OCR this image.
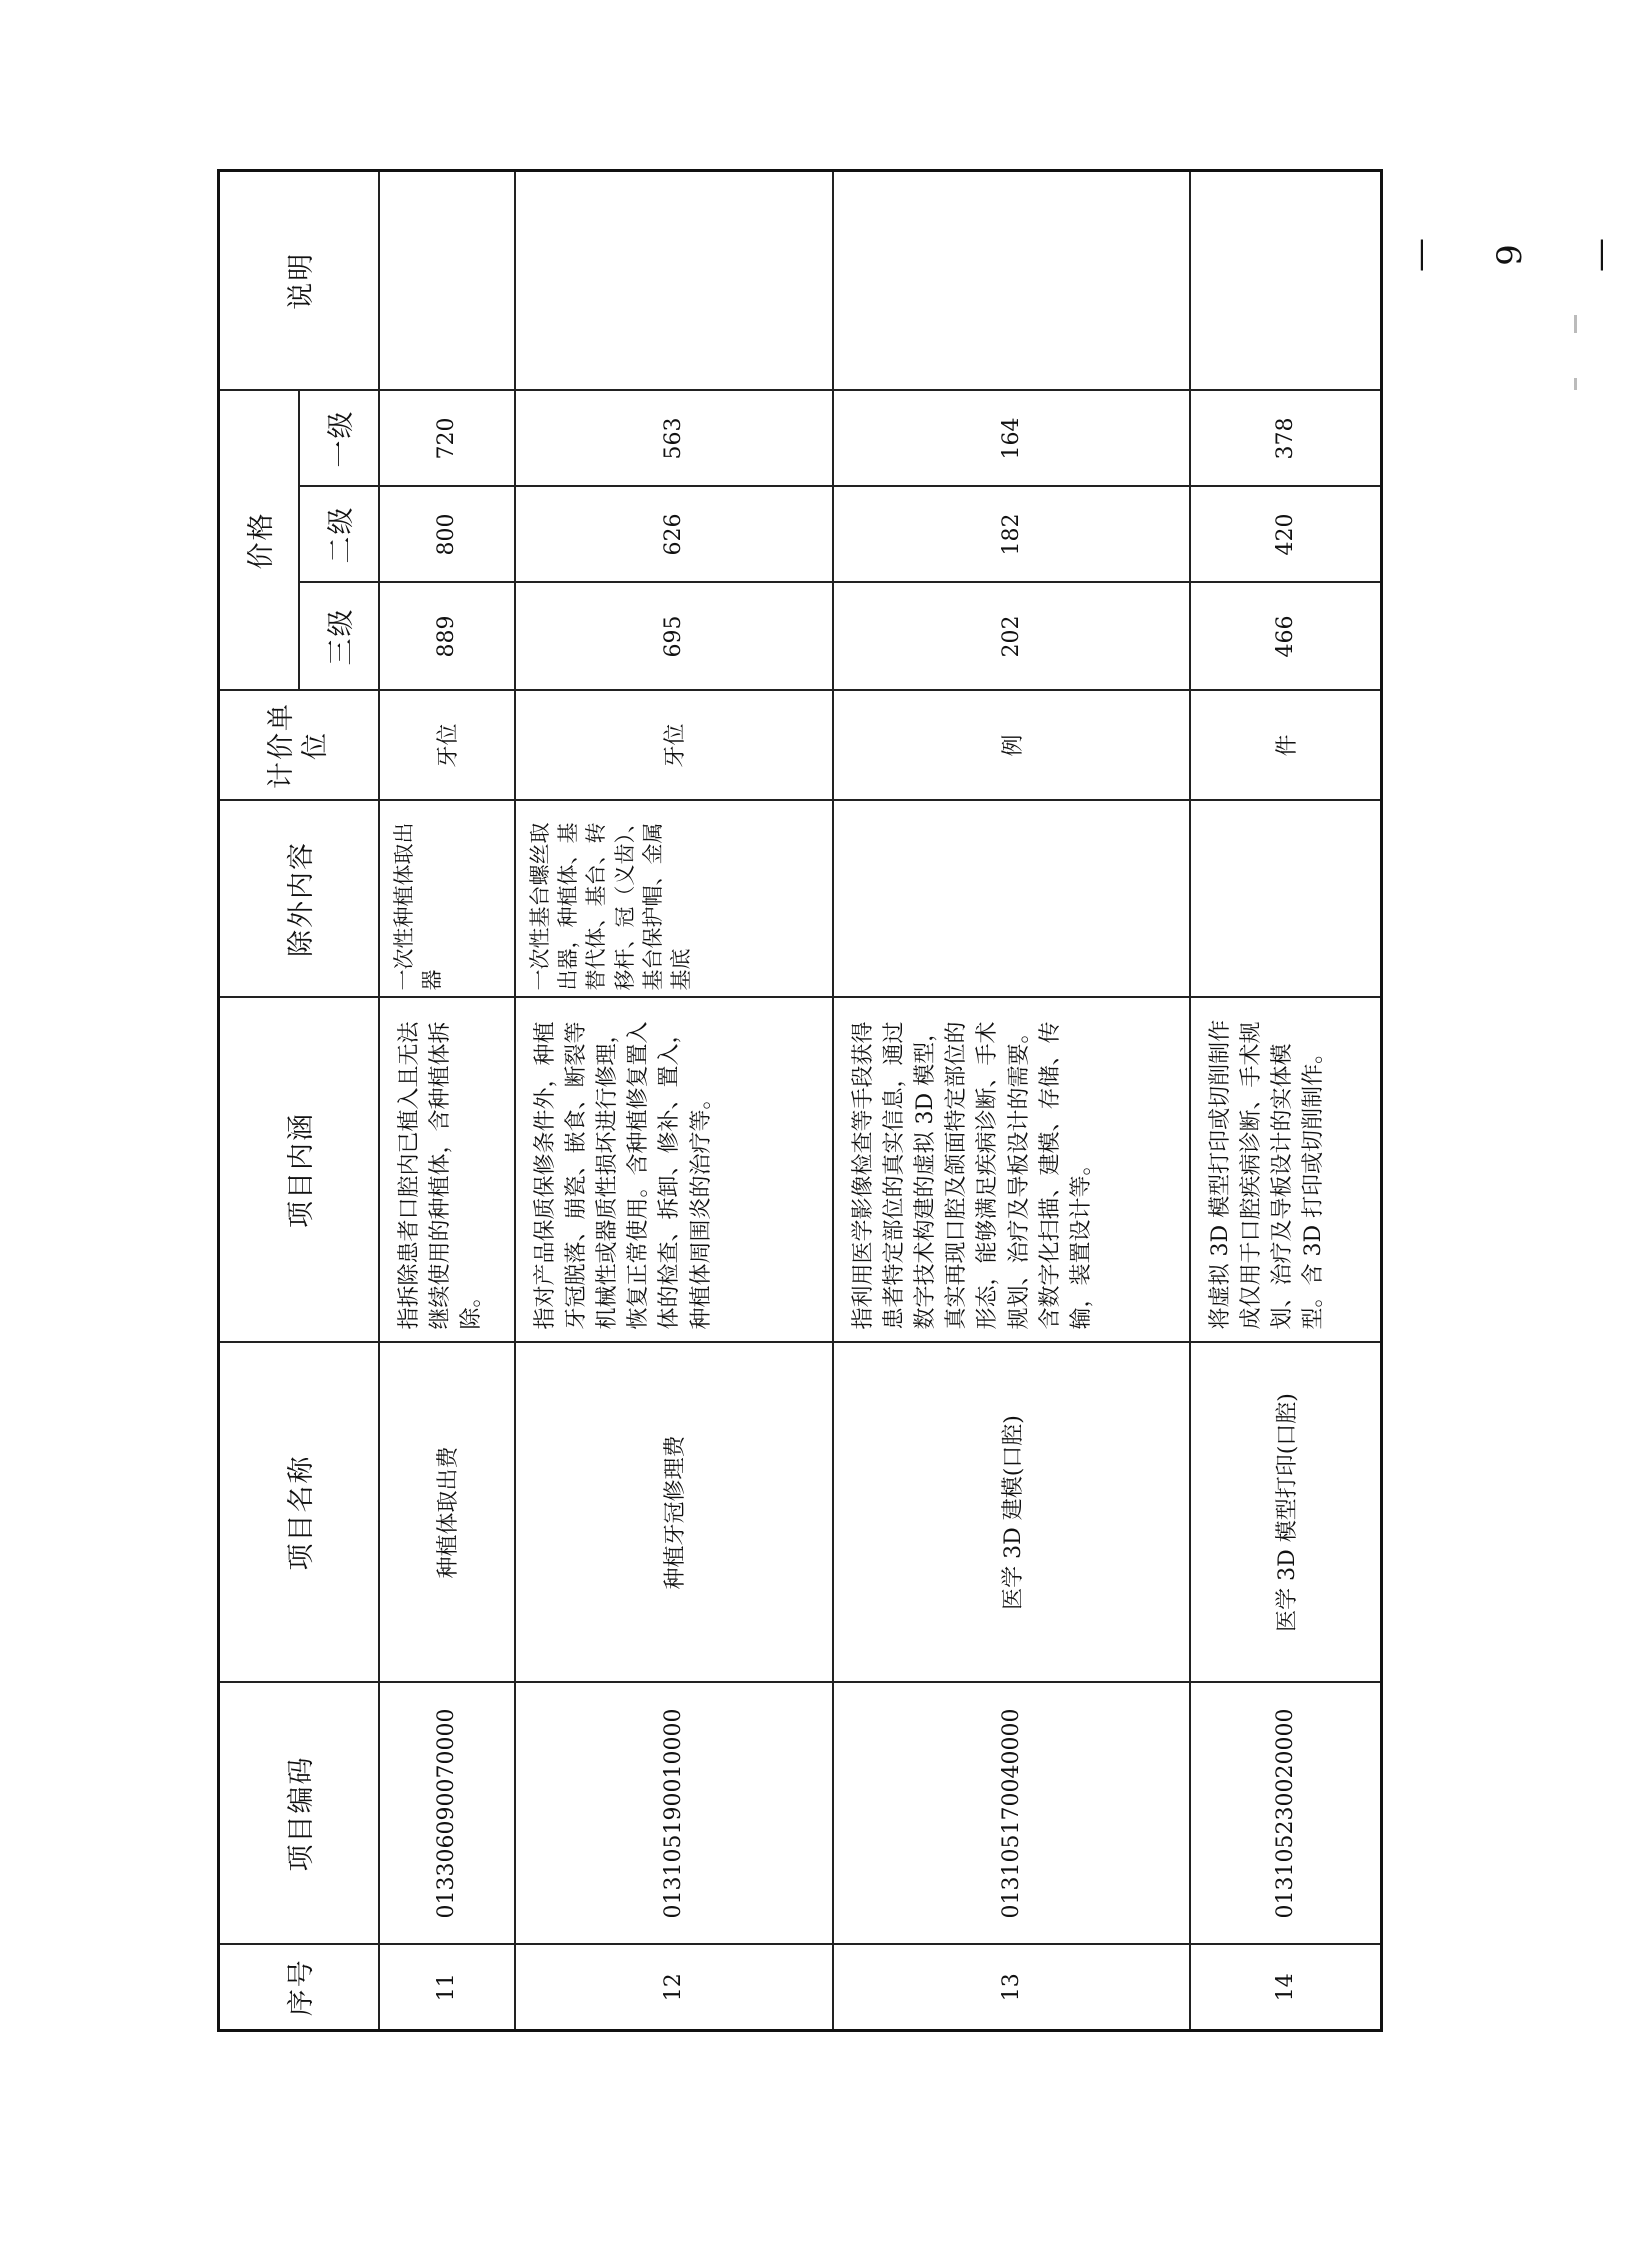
序号	项目编码	项目名称	项目内涵	除外内容	计价单位	价格			说明
						三级	二级	一级	
11	013306090070000	种植体取出费	指拆除患者口腔内已植入且无法继续使用的种植体，含种植体拆除。	一次性种植体取出器	牙位	889	800	720	
12	013105190010000	种植牙冠修理费	指对产品保质保修条件外，种植牙冠脱落、崩瓷、嵌食、断裂等机械性或器质性损坏进行修理，恢复正常使用。含种植修复置入体的检查、拆卸、修补、置入，种植体周围炎的治疗等。	一次性基台螺丝取出器，种植体、基替代体、基台、转移杆、冠（义齿）、基台保护帽、金属基底	牙位	695	626	563	
13	013105170040000	医学 3D 建模(口腔)	指利用医学影像检查等手段获得患者特定部位的真实信息，通过数字技术构建的虚拟 3D 模型，真实再现口腔及颌面特定部位的形态，能够满足疾病诊断、手术规划、治疗及导板设计的需要。含数字化扫描、建模、存储、传输，装置设计等。		例	202	182	164	
14	013105230020000	医学 3D 模型打印(口腔)	将虚拟 3D 模型打印或切削制作成仅用于口腔疾病诊断、手术规划、治疗及导板设计的实体模型。含 3D 打印或切削制作。		件	466	420	378	
— 9 —
